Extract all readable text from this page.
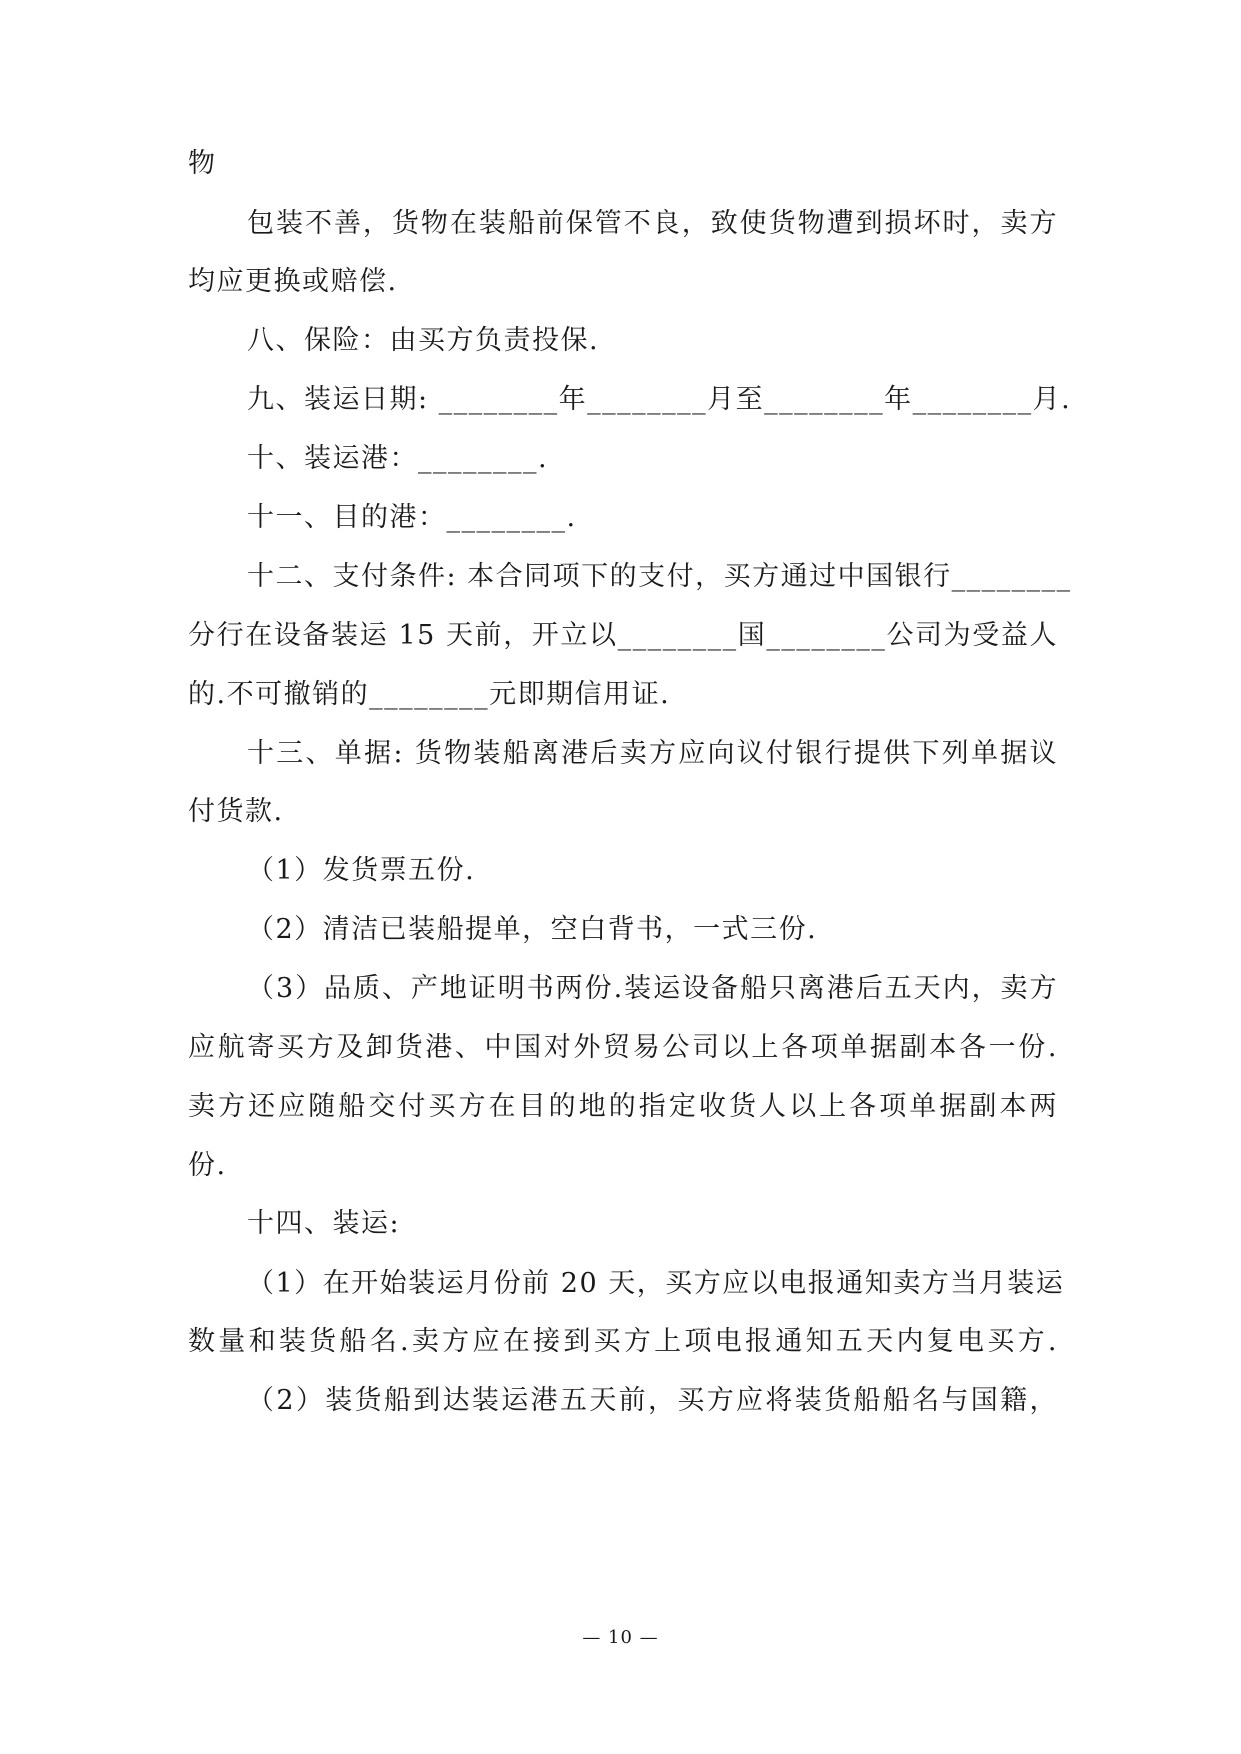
物
包装不善，货物在装船前保管不良，致使货物遭到损坏时，卖方
均应更换或赔偿.
八、保险：由买方负责投保.
九、装运日期: ________年________月至________年________月.
十、装运港：________.
十一、目的港：________.
十二、支付条件: 本合同项下的支付，买方通过中国银行________
分行在设备装运 15 天前，开立以________国________公司为受益人
的.不可撤销的________元即期信用证.
十三、单据: 货物装船离港后卖方应向议付银行提供下列单据议
付货款.
（1）发货票五份.
（2）清洁已装船提单，空白背书，一式三份.
（3）品质、产地证明书两份.装运设备船只离港后五天内，卖方
应航寄买方及卸货港、中国对外贸易公司以上各项单据副本各一份.
卖方还应随船交付买方在目的地的指定收货人以上各项单据副本两
份.
十四、装运:
（1）在开始装运月份前 20 天，买方应以电报通知卖方当月装运
数量和装货船名.卖方应在接到买方上项电报通知五天内复电买方.
（2）装货船到达装运港五天前，买方应将装货船船名与国籍，
— 10 —
